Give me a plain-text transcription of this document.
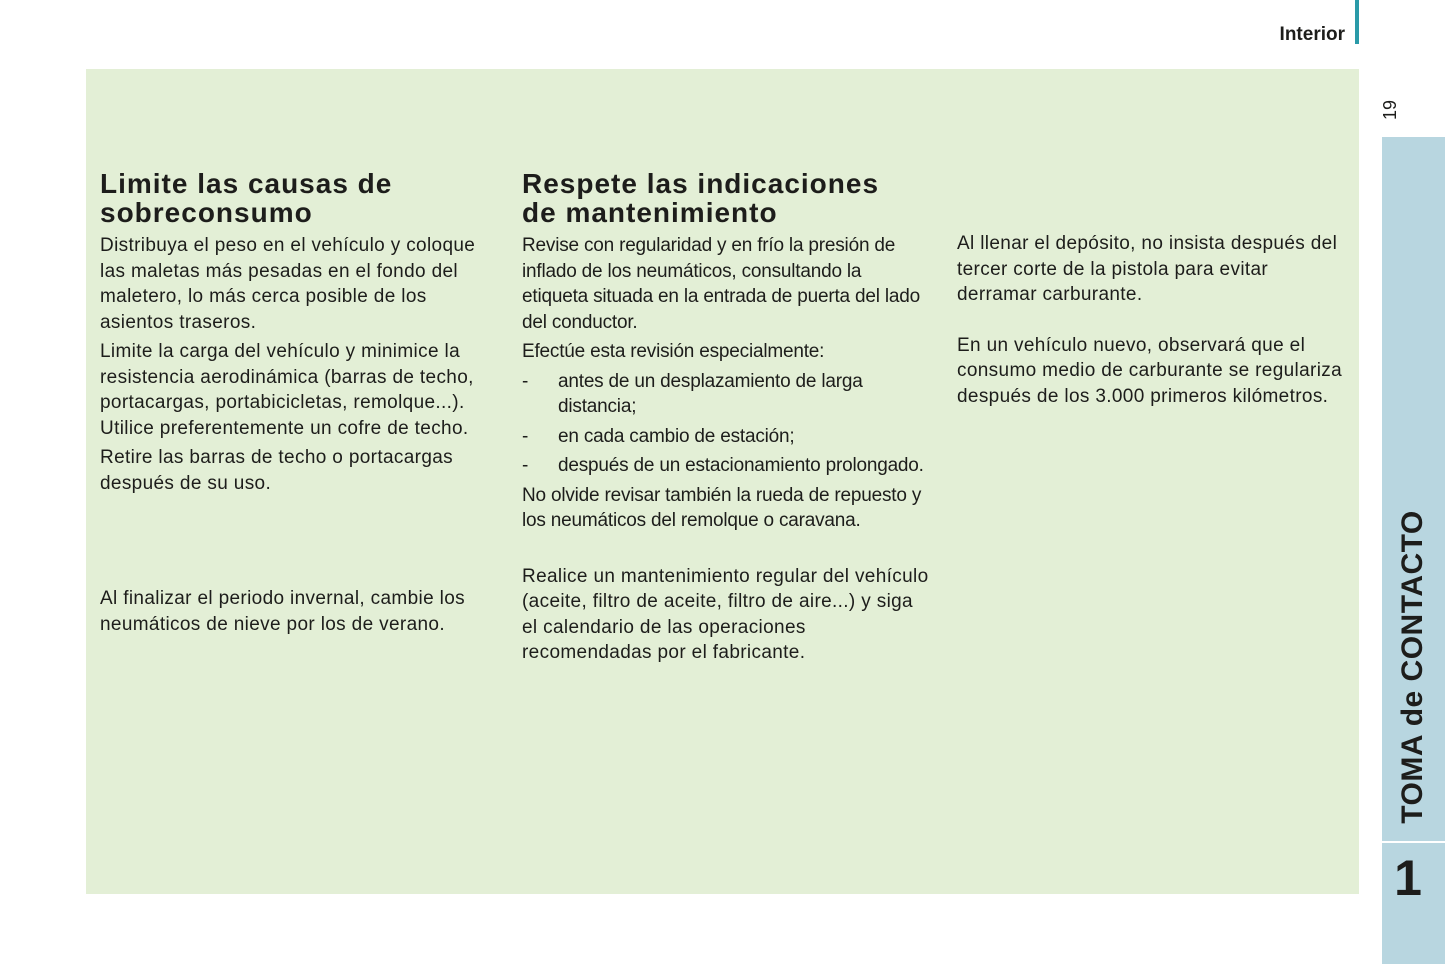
Interior
19
Limite las causas de
sobreconsumo

Distribuya el peso en el vehículo y coloque las maletas más pesadas en el fondo del maletero, lo más cerca posible de los asientos traseros.

Limite la carga del vehículo y minimice la resistencia aerodinámica (barras de techo, portacargas, portabicicletas, remolque...). Utilice preferentemente un cofre de techo.

Retire las barras de techo o portacargas después de su uso.

Al finalizar el periodo invernal, cambie los neumáticos de nieve por los de verano.

Respete las indicaciones
de mantenimiento

Revise con regularidad y en frío la presión de inflado de los neumáticos, consultando la etiqueta situada en la entrada de puerta del lado del conductor.

Efectúe esta revisión especialmente:

- antes de un desplazamiento de larga distancia;
- en cada cambio de estación;
- después de un estacionamiento prolongado.

No olvide revisar también la rueda de repuesto y los neumáticos del remolque o caravana.

Realice un mantenimiento regular del vehículo (aceite, filtro de aceite, filtro de aire...) y siga el calendario de las operaciones recomendadas por el fabricante.

Al llenar el depósito, no insista después del tercer corte de la pistola para evitar derramar carburante.

En un vehículo nuevo, observará que el consumo medio de carburante se regulariza después de los 3.000 primeros kilómetros.

TOMA de CONTACTO
1
